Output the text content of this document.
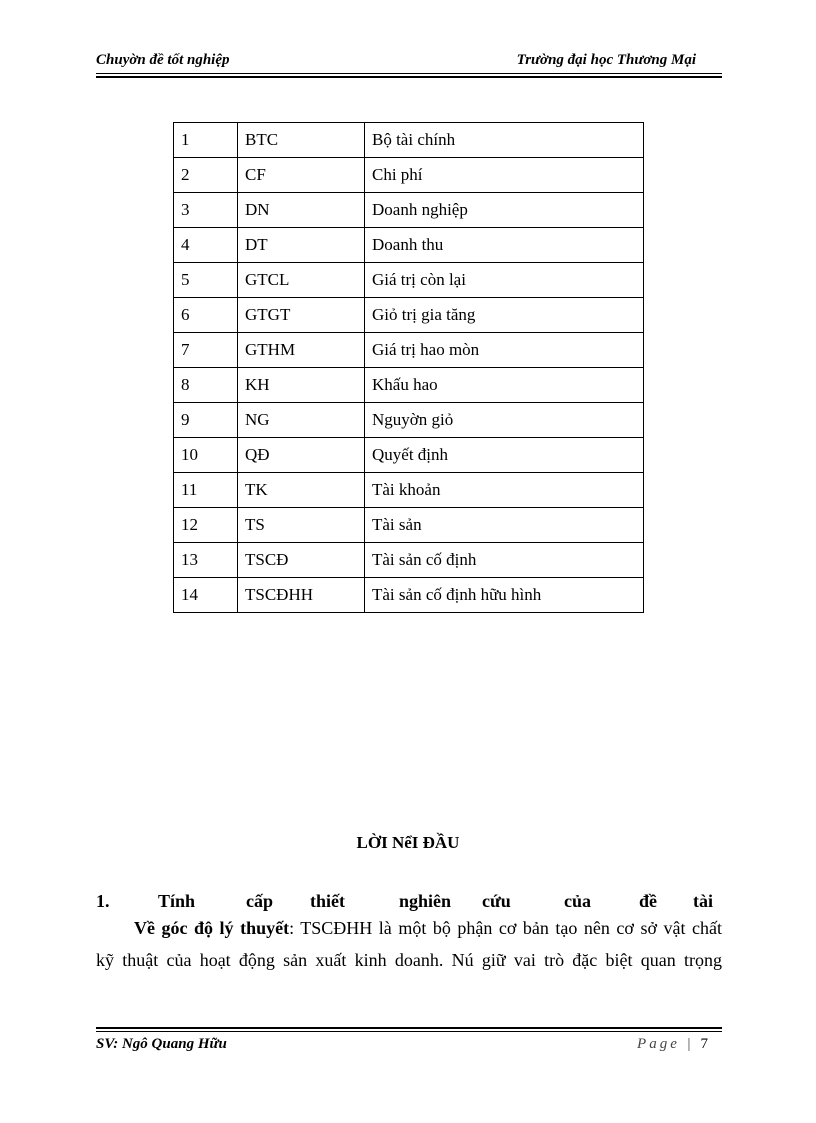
Chuyờn đề tốt nghiệp	Trường đại học Thương Mại
1	BTC	Bộ tài chính
2	CF	Chi phí
3	DN	Doanh nghiệp
4	DT	Doanh thu
5	GTCL	Giá trị còn lại
6	GTGT	Giỏ trị gia tăng
7	GTHM	Giá trị hao mòn
8	KH	Khấu hao
9	NG	Nguyờn giỏ
10	QĐ	Quyết định
11	TK	Tài khoản
12	TS	Tài sản
13	TSCĐ	Tài sản cố định
14	TSCĐHH	Tài sản cố định hữu hình
LỜI NểI ĐẦU
1.	Tính	cấp thiết	nghiên cứu	của	đề tài
Về góc độ lý thuyết: TSCĐHH là một bộ phận cơ bản tạo nên cơ sở vật chất
kỹ thuật của hoạt động sản xuất kinh doanh. Nú giữ vai trò đặc biệt quan trọng
SV: Ngô Quang Hữu	Page | 7
